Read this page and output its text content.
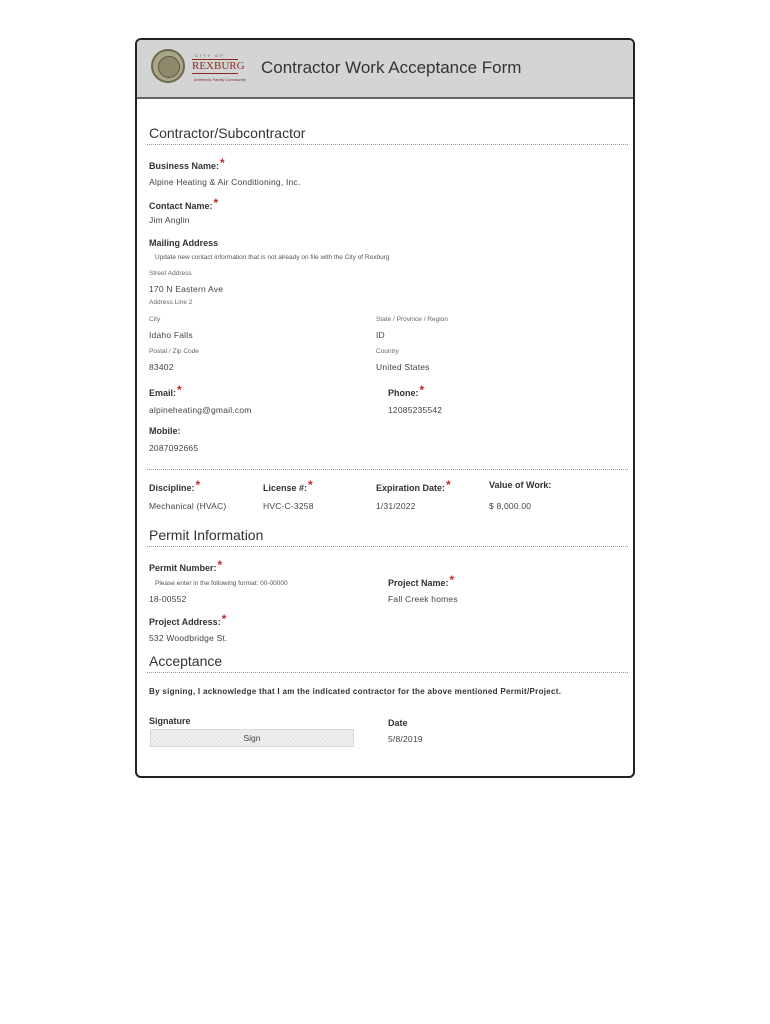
CITY OF
REXBURG
America's Family Community
Contractor Work Acceptance Form
Contractor/Subcontractor
Business Name:*
Alpine Heating & Air Conditioning, Inc.
Contact Name:*
Jim Anglin
Mailing Address
Update new contact information that is not already on file with the City of Rexburg
Street Address
170 N Eastern Ave
Address Line 2
City
Idaho Falls
State / Province / Region
ID
Postal / Zip Code
83402
Country
United States
Email:*
alpineheating@gmail.com
Phone:*
12085235542
Mobile:
2087092665
Discipline:*
Mechanical (HVAC)
License #:*
HVC-C-3258
Expiration Date:*
1/31/2022
Value of Work:
$ 8,000.00
Permit Information
Permit Number:*
Please enter in the following format: 00-00000
18-00552
Project Name:*
Fall Creek homes
Project Address:*
532 Woodbridge St.
Acceptance
By signing, I acknowledge that I am the indicated contractor for the above mentioned Permit/Project.
Signature
Sign
Date
5/8/2019
